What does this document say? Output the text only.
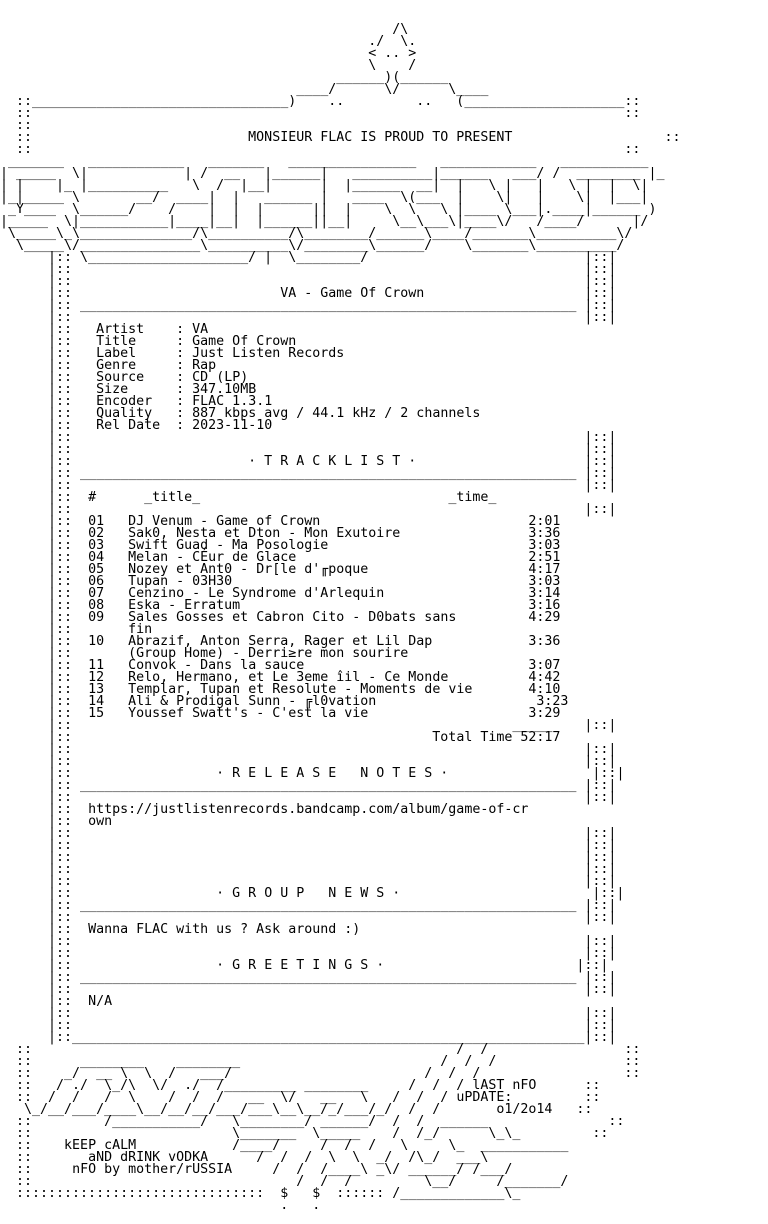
/\
./  \.
< .. >
\    /
______)(______
____/      \/      \____
::________________________________)    ..         ..   (____________________::
::                                                                          ::
::
::                           MONSIEUR FLAC IS PROUD TO PRESENT                   ::
::                                                                          ::
_______   ____________   _______   ________________   ____________   ___________
| _____  \|            | /  __   |______|   __________|______   ___/ /  ________ |_
| |    |_ |__________   \  /  |__|      |  |______  __|  |   \ |   |   \ |  |  \|
|_|_____ \       __/  ____|  |   ______ |   ____  \(___  |    \|   |    \|  |___|
_Y____  \______/    /    |  |  |      ||  |    \  \   \ |____ \___|.____|______ )
|_____  \|___________|____|__|  |______||__|     \__\___\|____\/   /____/      |/
\_____\_\______________/\__________/\________/______\____/_______\__________\/
\_____\/_______________\__________\/________\______/    \_______\__________/
|:: \____________________/ |  \________/                           |::|
|::                                                                |::|
|::                                                                |::|
|::                          VA - Game Of Crown                    |::|
|:: ______________________________________________________________ |::|
|::                                                                |::|
|::   Artist    : VA
|::   Title     : Game Of Crown
|::   Label     : Just Listen Records
|::   Genre     : Rap
|::   Source    : CD (LP)
|::   Size      : 347.10MB
|::   Encoder   : FLAC 1.3.1
|::   Quality   : 887 kbps avg / 44.1 kHz / 2 channels
|::   Rel Date  : 2023-11-10
|::                                                                |::|
|::                                                                |::|
|::                      · T R A C K L I S T ·                     |::|
|:: ______________________________________________________________ |::|
|::                                                                |::|
|::  #	_title_	_time_
|::                                                                |::|
|::  01 DJ Venum - Game of Crown	2:01
|::  02 Sak0, Nesta et Dton - Mon Exutoire	3:36
|::  03 Swift Guad - Ma Posologie	3:03
|::  04 Melan - CÉur de Glace	2:51
|::  05 Nozey et Ant0 - Dr[le d'╓poque	4:17
|::  06 Tupan - 03H30	3:03
|::  07 Cenzino - Le Syndrome d'Arlequin	3:14
|::  08 Eska - Erratum	3:16
|::  09 Sales Gosses et Cabron Cito - D0bats sans	4:29
|::       fin
|::  10 Abrazif, Anton Serra, Rager et Lil Dap	3:36
|::       (Group Home) - Derri≥re mon sourire
|::  11 Convok - Dans la sauce	3:07
|::  12 Relo, Hermano, et Le 3eme îil - Ce Monde	4:42
|::  13 Templar, Tupan et Resolute - Moments de vie	4:10
|::  14 Ali & Prodigal Sunn - ╔l0vation	3:23
|::  15 Youssef Swatt's - C'est la vie	3:29
|::                                                       _____    |::|
|::                                             Total Time 52:17
|::                                                                |::|
|::                                                                |::|
|::                  · R E L E A S E   N O T E S ·                  |::|
|:: ______________________________________________________________ |::|
|::                                                                |::|
|::  https://justlistenrecords.bandcamp.com/album/game-of-cr
|::  own
|::                                                                |::|
|::                                                                |::|
|::                                                                |::|
|::                                                                |::|
|::                                                                |::|
|::                  · G R O U P   N E W S ·                        |::|
|:: ______________________________________________________________ |::|
|::                                                                |::|
|::  Wanna FLAC with us ? Ask around :)
|::                                                                |::|
|::                                                                |::|
|::                  · G R E E T I N G S ·                        |::|
|:: ______________________________________________________________ |::|
|::                                                                |::|
|::  N/A
|::                                                                |::|
|::                                                                |::|
|::________________________________________________________________|::|
::                                                     /  /                 ::
::      ________    ________                         /  /  /                ::
::    _/  __ \  \  /   ___/                        /  /  /                  ::
::   / ./  \_/\  \/  ./  /_________ ________     /  /  / lAST nFO      ::
::  /  /   /  \    /  /  /   __  \/   __   \   /  /  / uPDATE:         ::
\_/__/___/____\__/__/__/___/___\__\__/_/___/_/  /  /       o1/2o14   ::
::         /___________/   \________/ ______/  /  /  ______               ::
::                         \_______  \_____    /  /_/      \_\_         ::
::    kEEP cALM            /____/     /  /  /   \     \_  ___________
::       aND dRINK vODKA      /  /  /  \  \  _/  /\_/  ___\
::     nFO by mother/rUSSIA     /  /  /____\ _\/ ______/ /___/
::                                 /  /  /         \__/     /_______/
:::::::::::::::::::::::::::::::  $   $  :::::: /_____________\_
.   .
